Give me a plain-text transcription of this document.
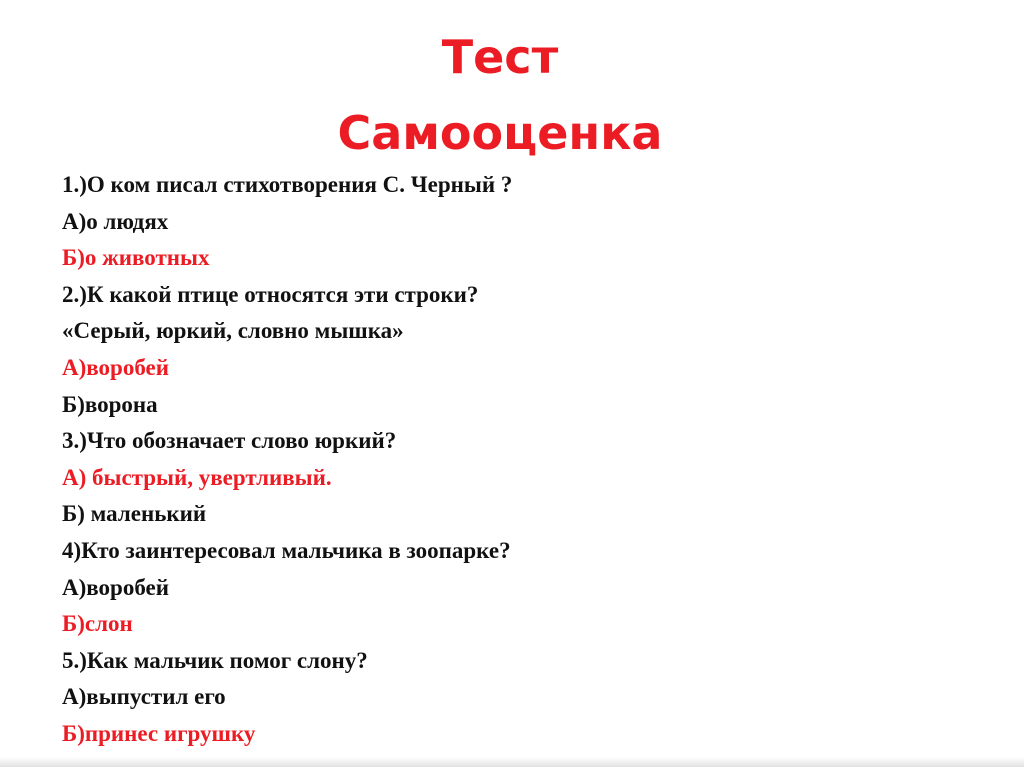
Тест
Самооценка
1.)О ком писал стихотворения С. Черный ?
А)о людях
Б)о животных
2.)К какой птице относятся эти строки?
«Серый, юркий, словно мышка»
А)воробей
Б)ворона
3.)Что обозначает слово юркий?
А) быстрый, увертливый.
Б) маленький
4)Кто заинтересовал мальчика в зоопарке?
А)воробей
Б)слон
5.)Как мальчик помог слону?
А)выпустил его
Б)принес игрушку
